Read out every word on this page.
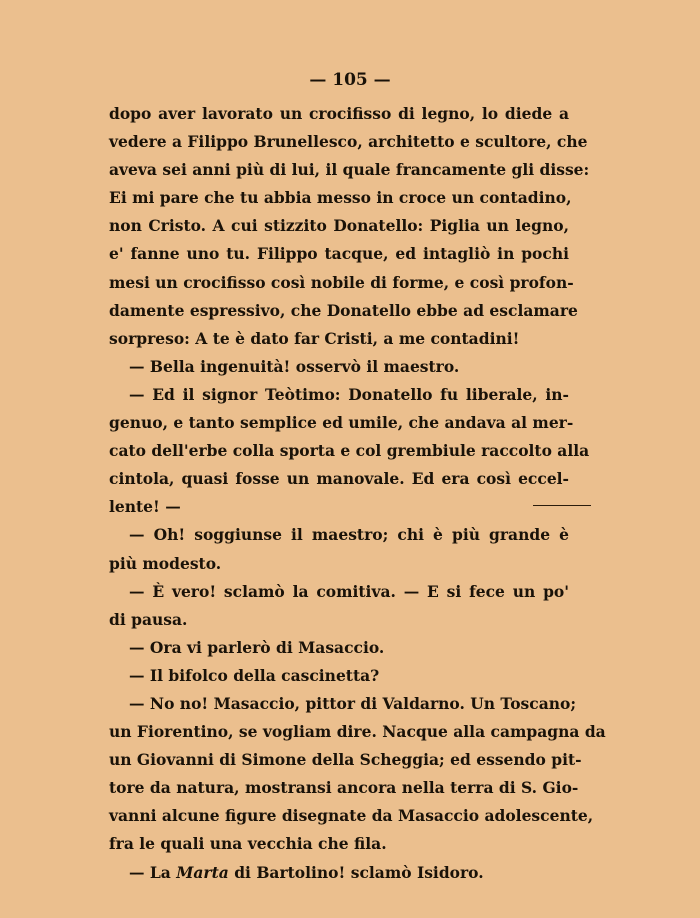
— 105 —
dopo aver lavorato un crocifisso di legno, lo diede a
vedere a Filippo Brunellesco, architetto e scultore, che
aveva sei anni più di lui, il quale francamente gli disse:
Ei mi pare che tu abbia messo in croce un contadino,
non Cristo. A cui stizzito Donatello: Piglia un legno,
e' fanne uno tu. Filippo tacque, ed intagliò in pochi
mesi un crocifisso così nobile di forme, e così profon-
damente espressivo, che Donatello ebbe ad esclamare
sorpreso: A te è dato far Cristi, a me contadini!
— Bella ingenuità! osservò il maestro.
— Ed il signor Teòtimo: Donatello fu liberale, in-
genuo, e tanto semplice ed umile, che andava al mer-
cato dell'erbe colla sporta e col grembiule raccolto alla
cintola, quasi fosse un manovale. Ed era così eccel-
lente! —
— Oh! soggiunse il maestro; chi è più grande è
più modesto.
— È vero! sclamò la comitiva. — E si fece un po'
di pausa.
— Ora vi parlerò di Masaccio.
— Il bifolco della cascinetta?
— No no! Masaccio, pittor di Valdarno. Un Toscano;
un Fiorentino, se vogliam dire. Nacque alla campagna da
un Giovanni di Simone della Scheggia; ed essendo pit-
tore da natura, mostransi ancora nella terra di S. Gio-
vanni alcune figure disegnate da Masaccio adolescente,
fra le quali una vecchia che fila.
— La Marta di Bartolino! sclamò Isidoro.
